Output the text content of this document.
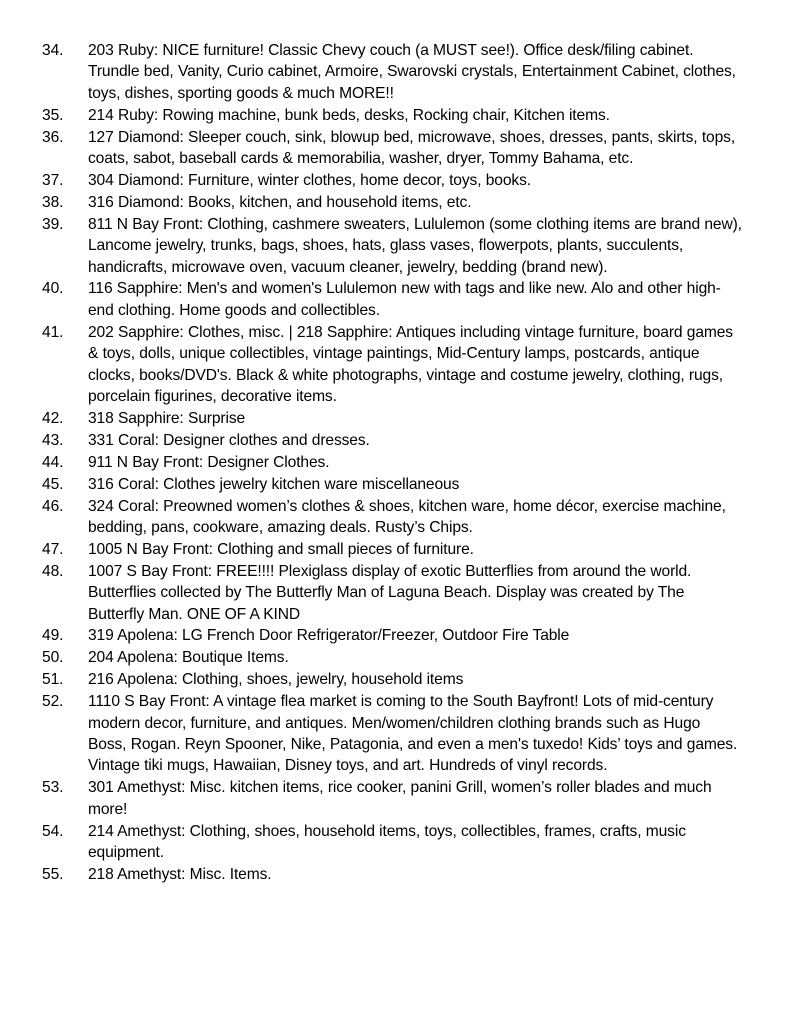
34.	203 Ruby: NICE furniture! Classic Chevy couch (a MUST see!). Office desk/filing cabinet. Trundle bed, Vanity, Curio cabinet, Armoire, Swarovski crystals, Entertainment Cabinet, clothes, toys, dishes, sporting goods & much MORE!!
35.	214 Ruby: Rowing machine, bunk beds, desks, Rocking chair, Kitchen items.
36.	127 Diamond: Sleeper couch, sink, blowup bed, microwave, shoes, dresses, pants, skirts, tops, coats, sabot, baseball cards & memorabilia, washer, dryer, Tommy Bahama, etc.
37.	304 Diamond: Furniture, winter clothes, home decor, toys, books.
38.	316 Diamond: Books, kitchen, and household items, etc.
39.	811 N Bay Front: Clothing, cashmere sweaters, Lululemon (some clothing items are brand new), Lancome jewelry, trunks, bags, shoes, hats, glass vases, flowerpots, plants, succulents, handicrafts, microwave oven, vacuum cleaner, jewelry, bedding (brand new).
40.	116 Sapphire: Men's and women's Lululemon new with tags and like new. Alo and other high-end clothing. Home goods and collectibles.
41.	202 Sapphire: Clothes, misc. | 218 Sapphire: Antiques including vintage furniture, board games & toys, dolls, unique collectibles, vintage paintings, Mid-Century lamps, postcards, antique clocks, books/DVD's. Black & white photographs, vintage and costume jewelry, clothing, rugs, porcelain figurines, decorative items.
42.	318 Sapphire: Surprise
43.	331 Coral: Designer clothes and dresses.
44.	911 N Bay Front: Designer Clothes.
45.	316 Coral: Clothes jewelry kitchen ware miscellaneous
46.	324 Coral: Preowned women’s clothes & shoes, kitchen ware, home décor, exercise machine, bedding, pans, cookware, amazing deals. Rusty’s Chips.
47.	1005 N Bay Front: Clothing and small pieces of furniture.
48.	1007 S Bay Front: FREE!!!! Plexiglass display of exotic Butterflies from around the world. Butterflies collected by The Butterfly Man of Laguna Beach. Display was created by The Butterfly Man. ONE OF A KIND
49.	319 Apolena: LG French Door Refrigerator/Freezer, Outdoor Fire Table
50.	204 Apolena: Boutique Items.
51.	216 Apolena: Clothing, shoes, jewelry, household items
52.	1110 S Bay Front: A vintage flea market is coming to the South Bayfront! Lots of mid-century modern decor, furniture, and antiques. Men/women/children clothing brands such as Hugo Boss, Rogan. Reyn Spooner, Nike, Patagonia, and even a men's tuxedo! Kids’ toys and games. Vintage tiki mugs, Hawaiian, Disney toys, and art. Hundreds of vinyl records.
53.	301 Amethyst: Misc. kitchen items, rice cooker, panini Grill, women’s roller blades and much more!
54.	214 Amethyst: Clothing, shoes, household items, toys, collectibles, frames, crafts, music equipment.
55.	218 Amethyst: Misc. Items.
